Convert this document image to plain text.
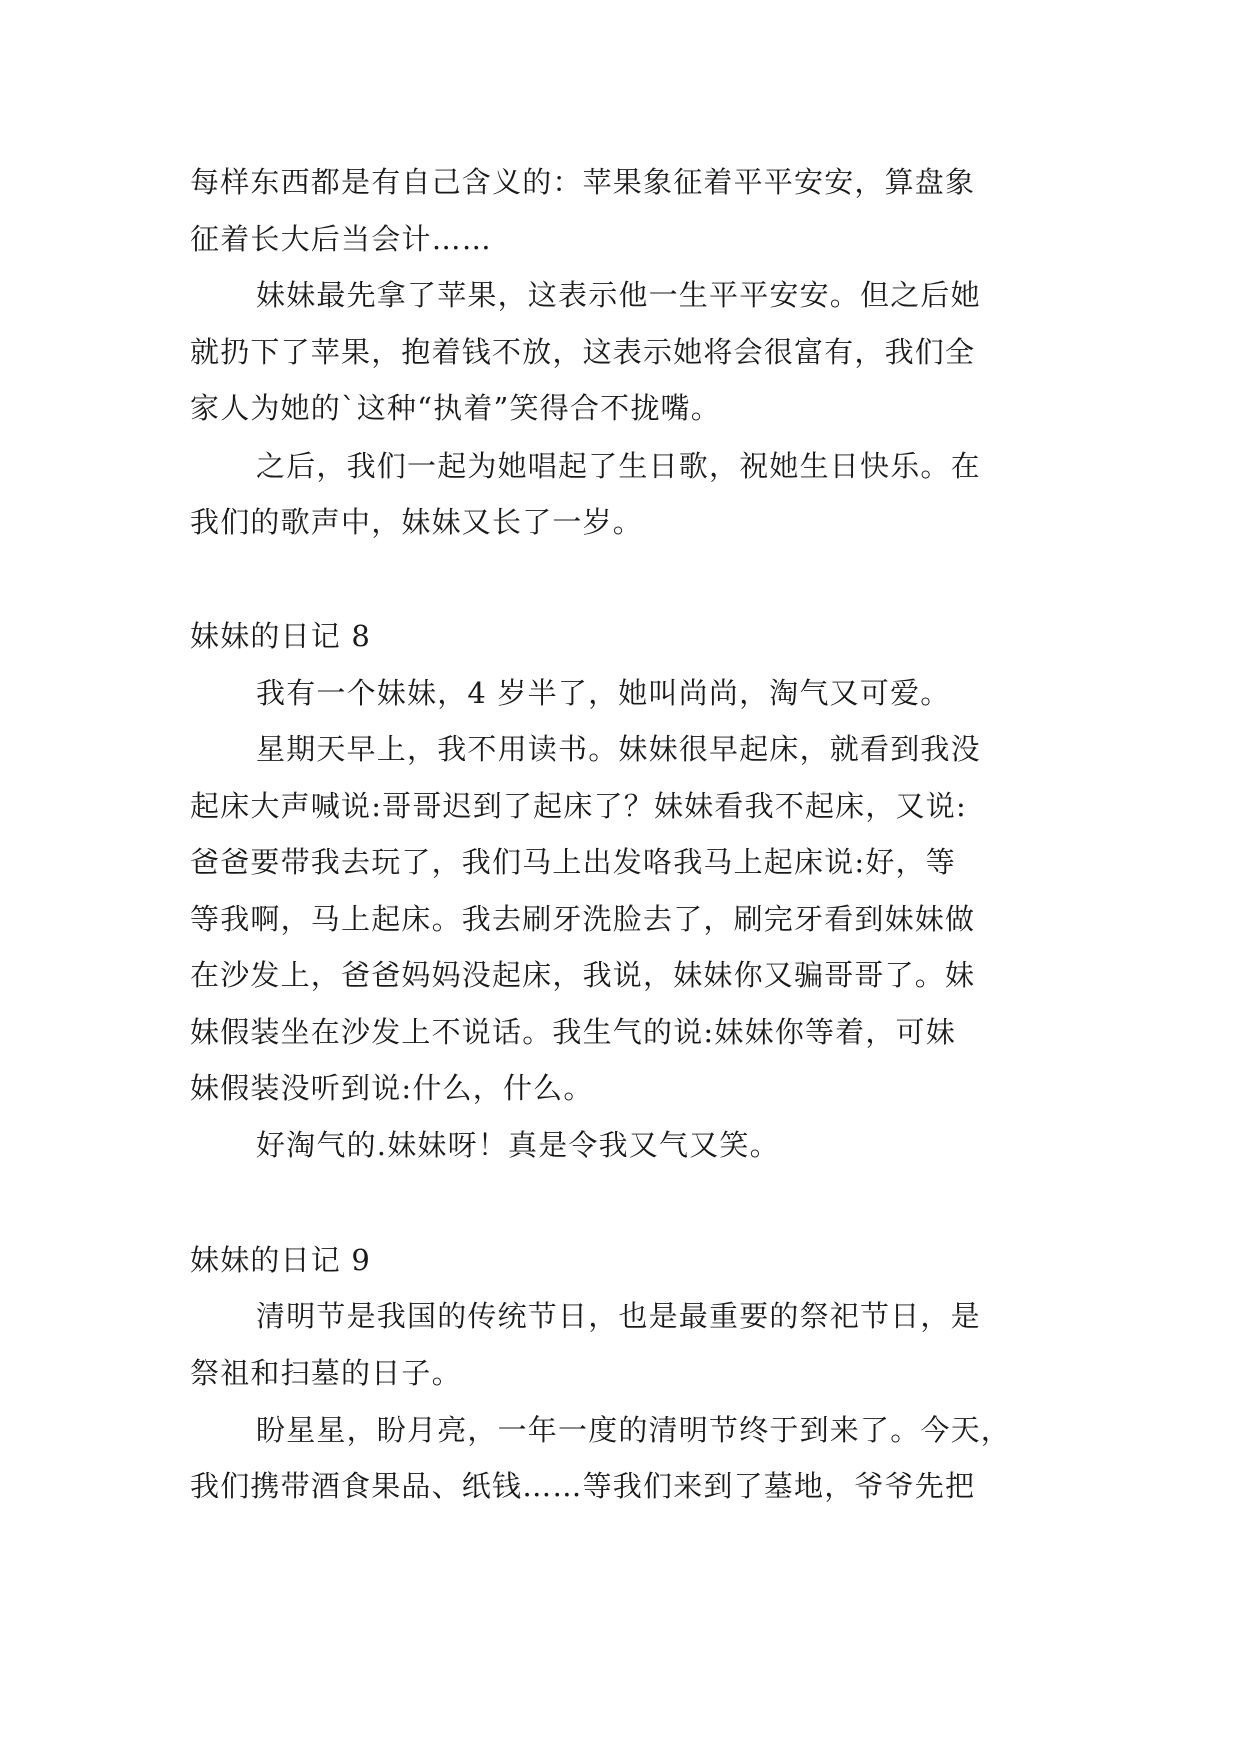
每样东西都是有自己含义的：苹果象征着平平安安，算盘象
征着长大后当会计……
妹妹最先拿了苹果，这表示他一生平平安安。但之后她
就扔下了苹果，抱着钱不放，这表示她将会很富有，我们全
家人为她的`这种“执着”笑得合不拢嘴。
之后，我们一起为她唱起了生日歌，祝她生日快乐。在
我们的歌声中，妹妹又长了一岁。
妹妹的日记 8
我有一个妹妹，4 岁半了，她叫尚尚，淘气又可爱。
星期天早上，我不用读书。妹妹很早起床，就看到我没
起床大声喊说:哥哥迟到了起床了？妹妹看我不起床，又说:
爸爸要带我去玩了，我们马上出发咯我马上起床说:好，等
等我啊，马上起床。我去刷牙洗脸去了，刷完牙看到妹妹做
在沙发上，爸爸妈妈没起床，我说，妹妹你又骗哥哥了。妹
妹假装坐在沙发上不说话。我生气的说:妹妹你等着，可妹
妹假装没听到说:什么，什么。
好淘气的.妹妹呀！真是令我又气又笑。
妹妹的日记 9
清明节是我国的传统节日，也是最重要的祭祀节日，是
祭祖和扫墓的日子。
盼星星，盼月亮，一年一度的清明节终于到来了。今天，
我们携带酒食果品、纸钱……等我们来到了墓地，爷爷先把
